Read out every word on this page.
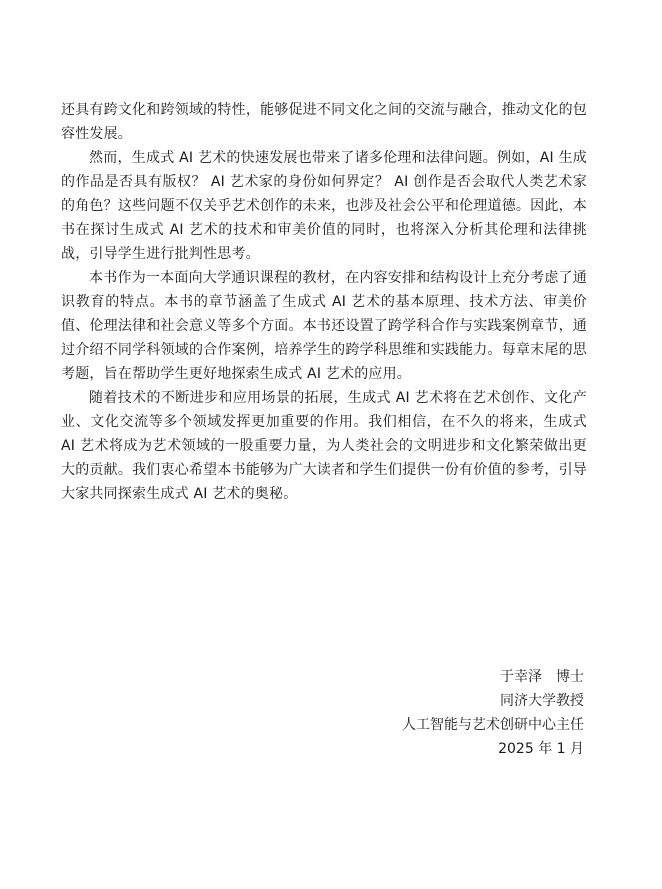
还具有跨文化和跨领域的特性，能够促进不同文化之间的交流与融合，推动文化的包容性发展。

然而，生成式 AI 艺术的快速发展也带来了诸多伦理和法律问题。例如，AI 生成的作品是否具有版权？ AI 艺术家的身份如何界定？ AI 创作是否会取代人类艺术家的角色？这些问题不仅关乎艺术创作的未来，也涉及社会公平和伦理道德。因此，本书在探讨生成式 AI 艺术的技术和审美价值的同时，也将深入分析其伦理和法律挑战，引导学生进行批判性思考。

本书作为一本面向大学通识课程的教材，在内容安排和结构设计上充分考虑了通识教育的特点。本书的章节涵盖了生成式 AI 艺术的基本原理、技术方法、审美价值、伦理法律和社会意义等多个方面。本书还设置了跨学科合作与实践案例章节，通过介绍不同学科领域的合作案例，培养学生的跨学科思维和实践能力。每章末尾的思考题，旨在帮助学生更好地探索生成式 AI 艺术的应用。

随着技术的不断进步和应用场景的拓展，生成式 AI 艺术将在艺术创作、文化产业、文化交流等多个领域发挥更加重要的作用。我们相信，在不久的将来，生成式 AI 艺术将成为艺术领域的一股重要力量，为人类社会的文明进步和文化繁荣做出更大的贡献。我们衷心希望本书能够为广大读者和学生们提供一份有价值的参考，引导大家共同探索生成式 AI 艺术的奥秘。

于幸泽　博士
同济大学教授
人工智能与艺术创研中心主任
2025 年 1 月
